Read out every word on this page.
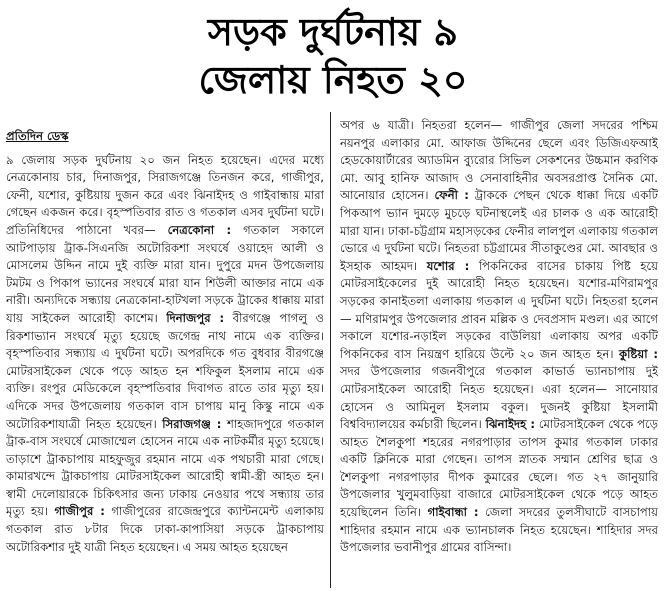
সড়ক দুর্ঘটনায় ৯
জেলায় নিহত ২০
প্রতিদিন ডেস্ক

৯ জেলায় সড়ক দুর্ঘটনায় ২০ জন নিহত হয়েছেন। এদের মধ্যে নেত্রকোনায় চার, দিনাজপুর, সিরাজগঞ্জে তিনজন করে, গাজীপুর, ফেনী, যশোর, কুষ্টিয়ায় দুজন করে এবং ঝিনাইদহ ও গাইবান্ধায় মারা গেছেন একজন করে। বৃহস্পতিবার রাত ও গতকাল এসব দুর্ঘটনা ঘটে। প্রতিনিধিদের পাঠানো খবর— নেত্রকোনা : গতকাল সকালে আটপাড়ায় ট্রাক-সিএনজি অটোরিকশা সংঘর্ষে ওয়াহেদ আলী ও মোসলেম উদ্দিন নামে দুই ব্যক্তি মারা যান। দুপুরে মদন উপজেলায় টমটম ও পিকাপ ভ্যানের সংঘর্ষে মারা যান শিউলী আক্তার নামে এক নারী। অন্যদিকে সন্ধ্যায় নেত্রকোনা-হাটখলা সড়কে ট্রাকের ধাক্কায় মারা যায় সাইকেল আরোহী কাশেম। দিনাজপুর : বীরগঞ্জে পাগলু ও রিকশাভ্যান সংঘর্ষে মৃত্যু হয়েছে জগেন্দ্র নাথ নামে এক ব্যক্তির। বৃহস্পতিবার সন্ধ্যায় এ দুর্ঘটনা ঘটে। অপরদিকে গত বুধবার বীরগঞ্জে মোটরসাইকেল থেকে পড়ে আহত হন শফিকুল ইসলাম নামে এক ব্যক্তি। রংপুর মেডিকেলে বৃহস্পতিবার দিবাগত রাতে তার মৃত্যু হয়। এদিকে সদর উপজেলায় গতকাল বাস চাপায় মানু কিস্কু নামে এক অটোরিকশাযাত্রী নিহত হয়েছেন। সিরাজগঞ্জ : শাহজাদপুরে গতকাল ট্রাক-বাস সংঘর্ষে মোজাম্মেল হোসেন নামে এক নাটকর্মীর মৃত্যু হয়েছে। তাড়াশে ট্রাকচাপায় মাহফুজুর রহমান নামে এক পথচারী মারা গেছে। কামারখন্দে ট্রাকচাপায় মোটরসাইকেল আরোহী স্বামী-স্ত্রী আহত হন। স্বামী দেলোয়ারকে চিকিৎসার জন্য ঢাকায় নেওয়ার পথে সন্ধ্যায় তার মৃত্যু হয়। গাজীপুর : গাজীপুরের রাজেন্দ্রপুরে ক্যান্টনমেন্ট এলাকায় গতকাল রাত ৮টার দিকে ঢাকা-কাপাসিয়া সড়কে ট্রাকচাপায় অটোরিকশার দুই যাত্রী নিহত হয়েছেন। এ সময় আহত হয়েছেন

অপর ৬ যাত্রী। নিহতরা হলেন— গাজীপুর জেলা সদরের পশ্চিম নয়নপুর এলাকার মো. আফাজ উদ্দিনের ছেলে এবং ডিজিএফআই হেডকোয়ার্টারের অ্যাডমিন ব্যুরোর সিভিল সেকশনের উচ্চমান করণিক মো. আবু হানিফ আজাদ ও সেনাবাহিনীর অবসরপ্রাপ্ত সৈনিক মো. আনোয়ার হোসেন। ফেনী : ট্রাককে পেছন থেকে ধাক্কা দিয়ে একটি পিকআপ ভ্যান দুমড়ে মুচড়ে ঘটনাস্থলেই এর চালক ও এক আরোহী মারা যান। ঢাকা-চট্টগ্রাম মহাসড়কের ফেনীর লালপুল এলাকায় গতকাল ভোরে এ দুর্ঘটনা ঘটে। নিহতরা চট্টগ্রামের সীতাকুণ্ডের মো. আবছার ও ইসহাক আহমদ। যশোর : পিকনিকের বাসের চাকায় পিষ্ট হয়ে মোটরসাইকেলের দুই আরোহী নিহত হয়েছেন। যশোর-মণিরামপুর সড়কের কানাইতলা এলাকায় গতকাল এ দুর্ঘটনা ঘটে। নিহতরা হলেন— মণিরামপুর উপজেলার প্রাবন মল্লিক ও দেবপ্রসাদ মণ্ডল। এর আগে সকালে যশোর-নড়াইল সড়কের বাউলিয়া এলাকায় অপর একটি পিকনিকের বাস নিয়ন্ত্রণ হারিয়ে উল্টে ২০ জন আহত হন। কুষ্টিয়া : সদর উপজেলার গজনবীপুরে গতকাল কাভার্ড ভ্যানচাপায় দুই মোটরসাইকেল আরোহী নিহত হয়েছেন। এরা হলেন— সানোয়ার হোসেন ও আমিনুল ইসলাম বকুল। দুজনই কুষ্টিয়া ইসলামী বিশ্ববিদ্যালয়ের কর্মচারী ছিলেন। ঝিনাইদহ : মোটরসাইকেল থেকে পড়ে আহত শৈলকুপা শহরের নগরপাড়ার তাপস কুমার গতকাল ঢাকার একটি ক্লিনিকে মারা গেছেন। তাপস স্নাতক সম্মান শ্রেণির ছাত্র ও শৈলকুপা নগরপাড়ার দীপক কুমারের ছেলে। গত ২৭ জানুয়ারি উপজেলার খুলুমবাড়িয়া বাজারে মোটরসাইকেল থেকে পড়ে আহত হয়েছিলেন তিনি। গাইবান্ধা : জেলা সদরের তুলসীঘাটে বাসচাপায় শাহিদার রহমান নামে এক ভ্যানচালক নিহত হয়েছেন। শাহিদার সদর উপজেলার ভবানীপুর গ্রামের বাসিন্দা।
